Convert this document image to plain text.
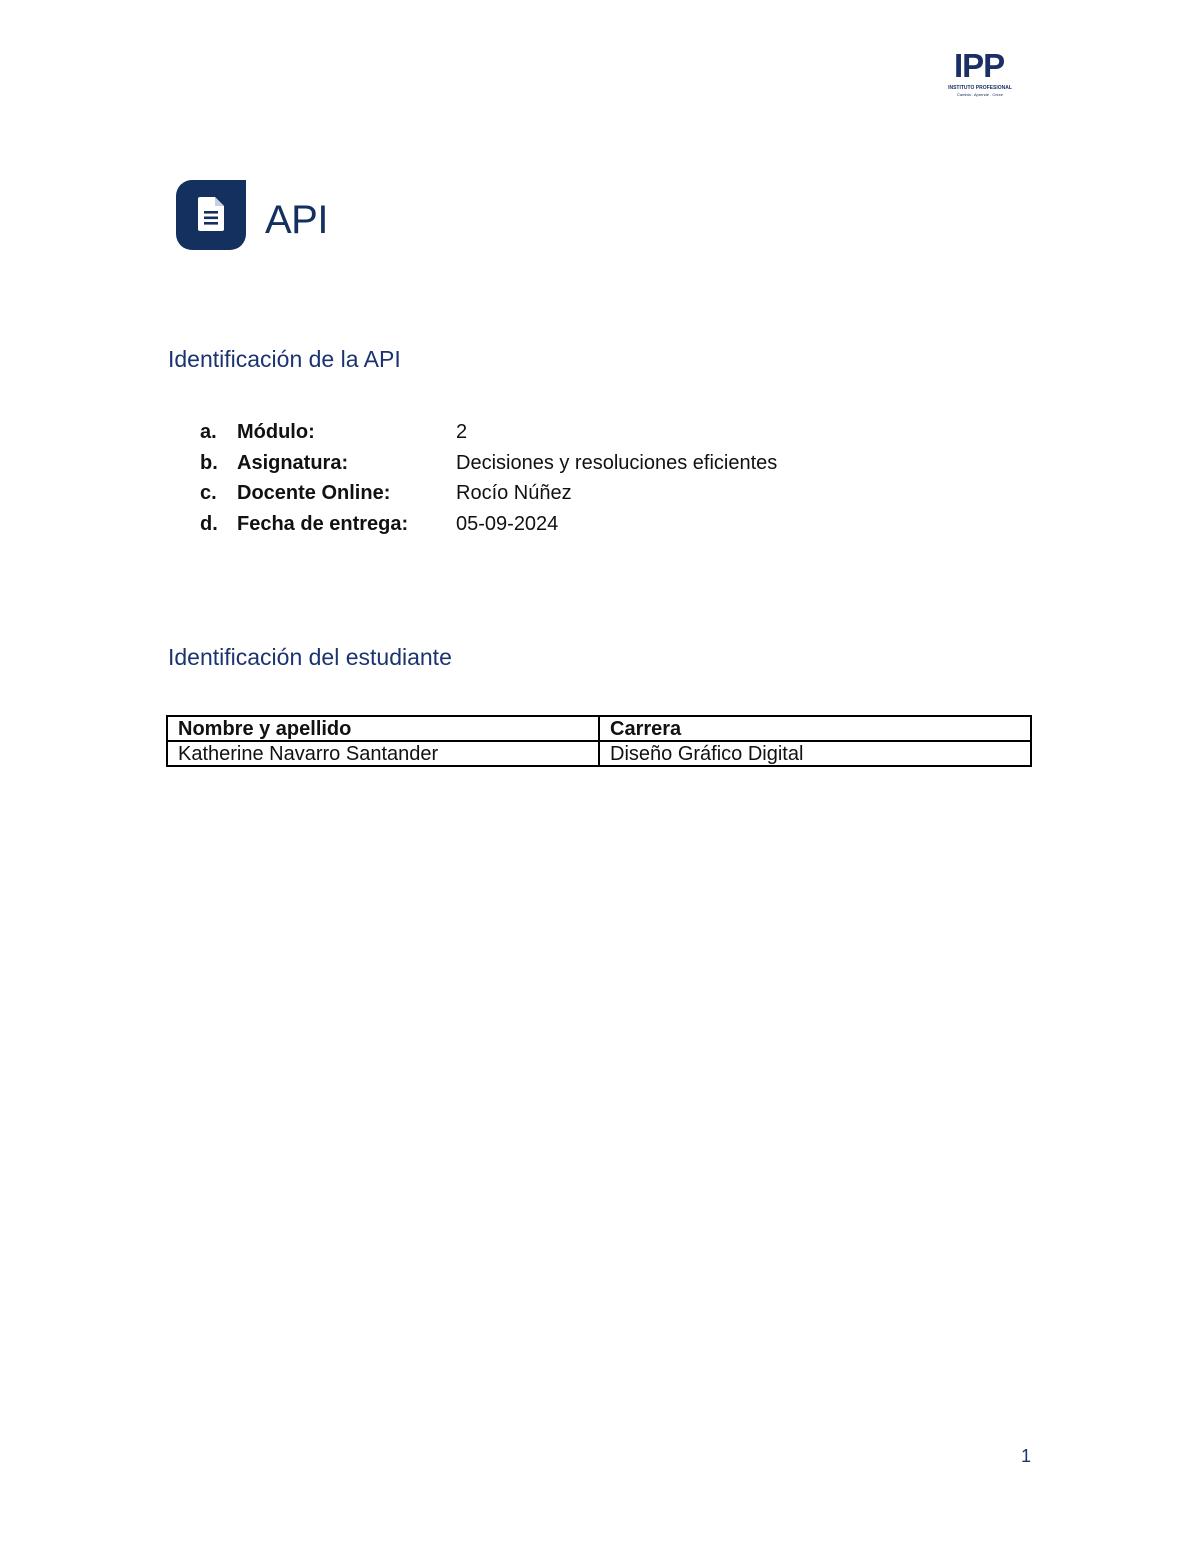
IPP
INSTITUTO PROFESIONAL
Cambia . Aprende . Crece
API
Identificación de la API
a. Módulo:	2
b. Asignatura:	Decisiones y resoluciones eficientes
c. Docente Online:	Rocío Núñez
d. Fecha de entrega: 05-09-2024
Identificación del estudiante
Nombre y apellido	Carrera
Katherine Navarro Santander	Diseño Gráfico Digital
1
